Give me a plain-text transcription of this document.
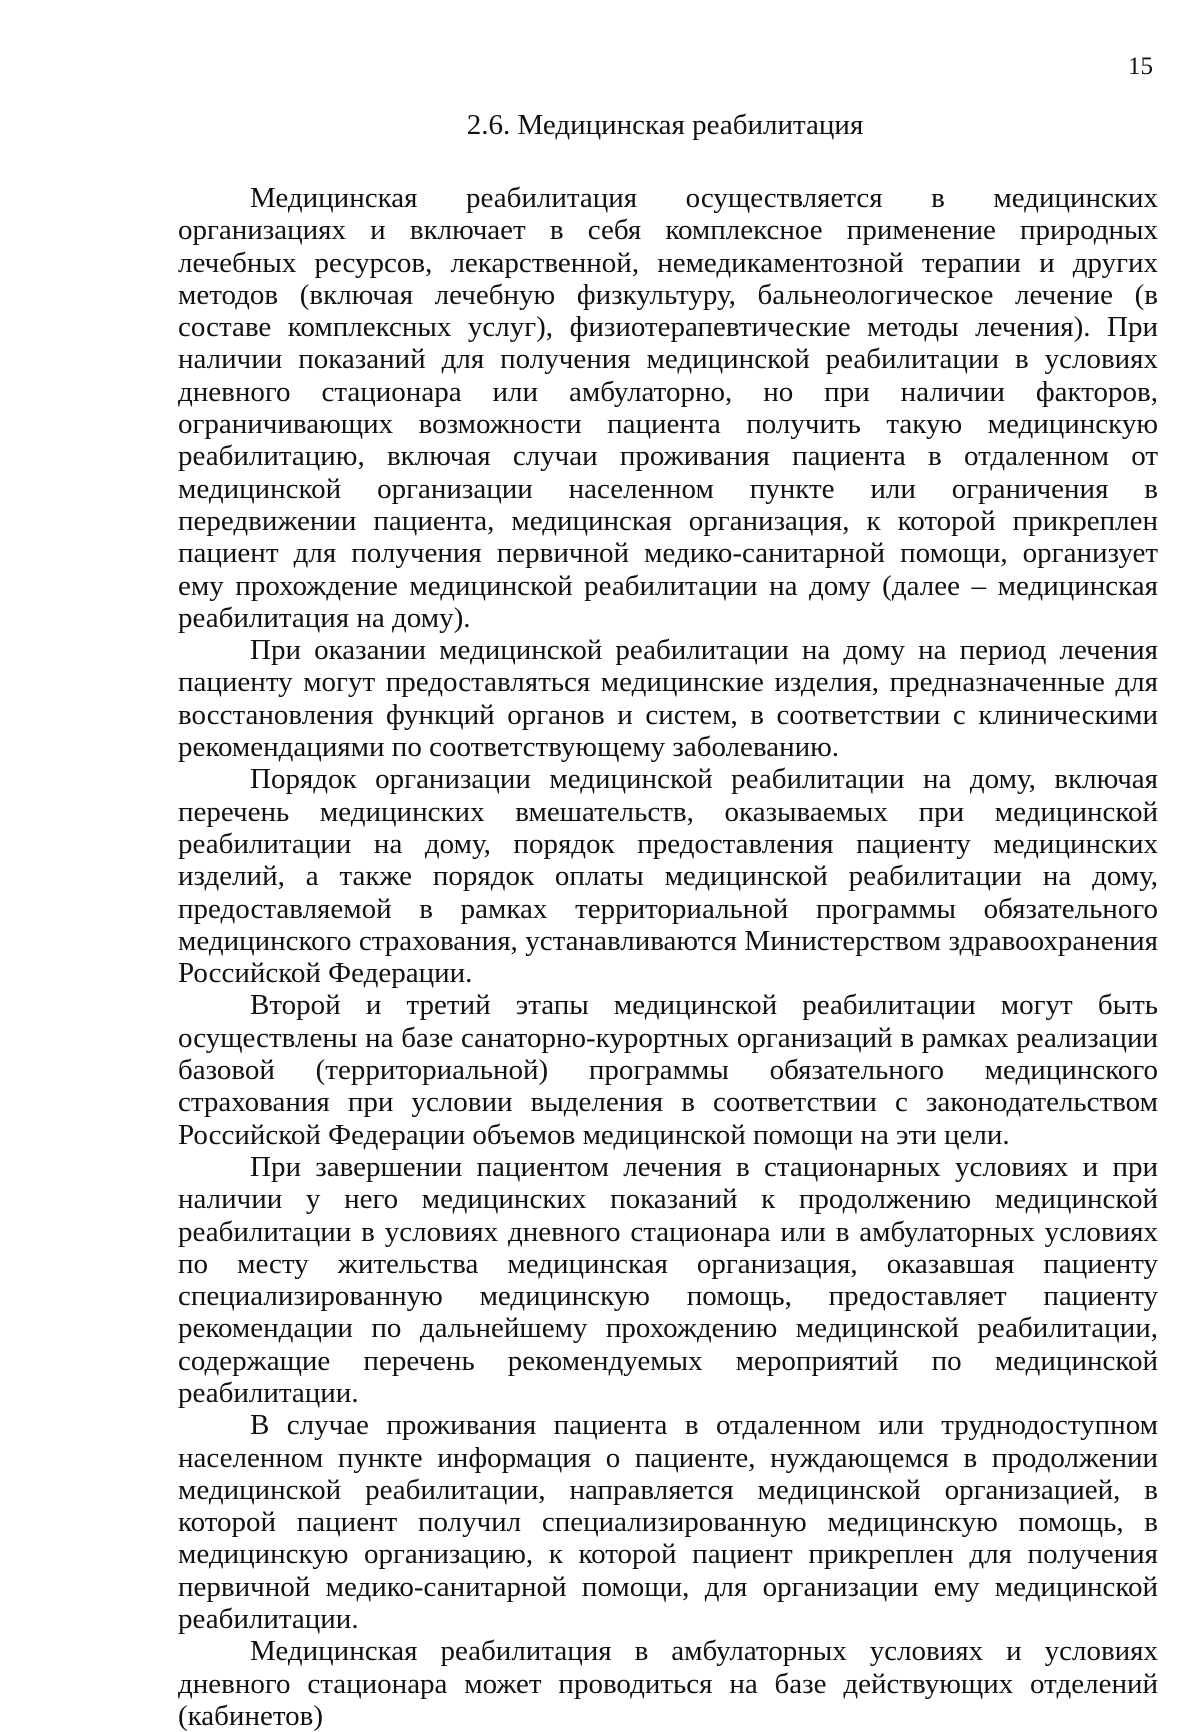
15
2.6. Медицинская реабилитация

Медицинская реабилитация осуществляется в медицинских организациях и включает в себя комплексное применение природных лечебных ресурсов, лекарственной, немедикаментозной терапии и других методов (включая лечебную физкультуру, бальнеологическое лечение (в составе комплексных услуг), физиотерапевтические методы лечения). При наличии показаний для получения медицинской реабилитации в условиях дневного стационара или амбулаторно, но при наличии факторов, ограничивающих возможности пациента получить такую медицинскую реабилитацию, включая случаи проживания пациента в отдаленном от медицинской организации населенном пункте или ограничения в передвижении пациента, медицинская организация, к которой прикреплен пациент для получения первичной медико-санитарной помощи, организует ему прохождение медицинской реабилитации на дому (далее – медицинская реабилитация на дому).

При оказании медицинской реабилитации на дому на период лечения пациенту могут предоставляться медицинские изделия, предназначенные для восстановления функций органов и систем, в соответствии с клиническими рекомендациями по соответствующему заболеванию.

Порядок организации медицинской реабилитации на дому, включая перечень медицинских вмешательств, оказываемых при медицинской реабилитации на дому, порядок предоставления пациенту медицинских изделий, а также порядок оплаты медицинской реабилитации на дому, предоставляемой в рамках территориальной программы обязательного медицинского страхования, устанавливаются Министерством здравоохранения Российской Федерации.

Второй и третий этапы медицинской реабилитации могут быть осуществлены на базе санаторно-курортных организаций в рамках реализации базовой (территориальной) программы обязательного медицинского страхования при условии выделения в соответствии с законодательством Российской Федерации объемов медицинской помощи на эти цели.

При завершении пациентом лечения в стационарных условиях и при наличии у него медицинских показаний к продолжению медицинской реабилитации в условиях дневного стационара или в амбулаторных условиях по месту жительства медицинская организация, оказавшая пациенту специализированную медицинскую помощь, предоставляет пациенту рекомендации по дальнейшему прохождению медицинской реабилитации, содержащие перечень рекомендуемых мероприятий по медицинской реабилитации.

В случае проживания пациента в отдаленном или труднодоступном населенном пункте информация о пациенте, нуждающемся в продолжении медицинской реабилитации, направляется медицинской организацией, в которой пациент получил специализированную медицинскую помощь, в медицинскую организацию, к которой пациент прикреплен для получения первичной медико-санитарной помощи, для организации ему медицинской реабилитации.

Медицинская реабилитация в амбулаторных условиях и условиях дневного стационара может проводиться на базе действующих отделений (кабинетов)
